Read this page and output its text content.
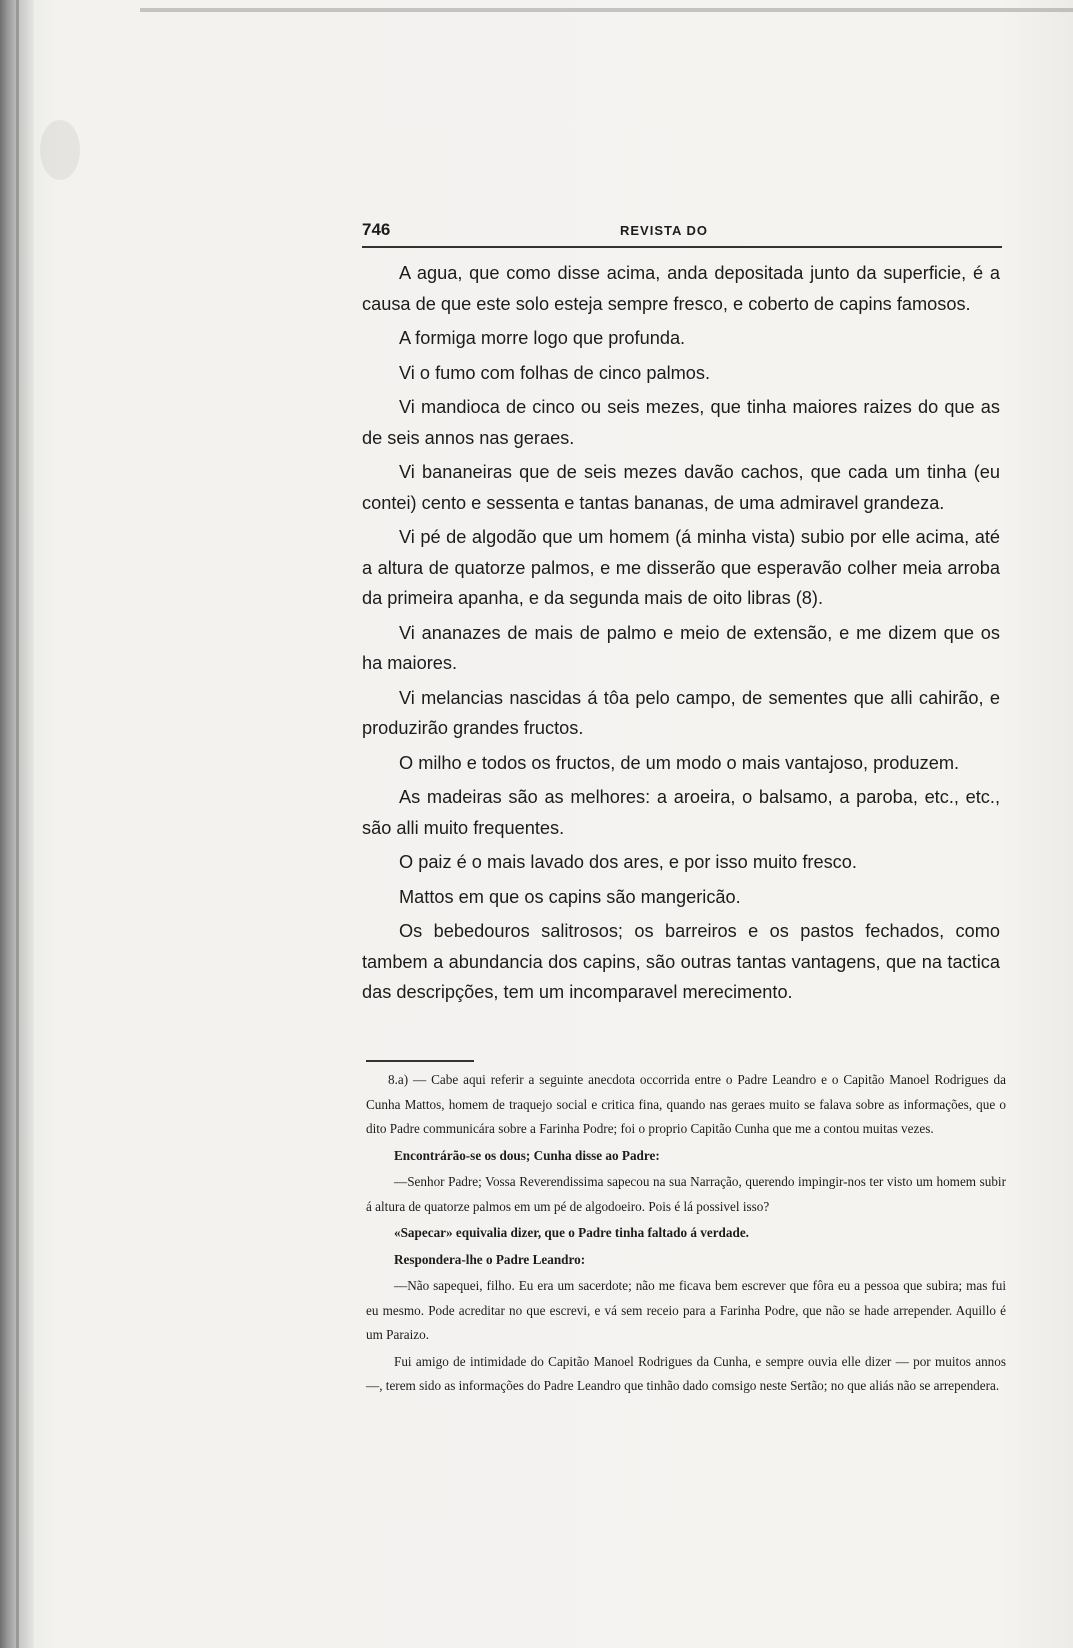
746	REVISTA DO

A agua, que como disse acima, anda depositada junto da superficie, é a causa de que este solo esteja sempre fresco, e coberto de capins famosos.

A formiga morre logo que profunda.

Vi o fumo com folhas de cinco palmos.

Vi mandioca de cinco ou seis mezes, que tinha maiores raizes do que as de seis annos nas geraes.

Vi bananeiras que de seis mezes davão cachos, que cada um tinha (eu contei) cento e sessenta e tantas bananas, de uma admiravel grandeza.

Vi pé de algodão que um homem (á minha vista) subio por elle acima, até a altura de quatorze palmos, e me disserão que esperavão colher meia arroba da primeira apanha, e da segunda mais de oito libras (8).

Vi ananazes de mais de palmo e meio de extensão, e me dizem que os ha maiores.

Vi melancias nascidas á tôa pelo campo, de sementes que alli cahirão, e produzirão grandes fructos.

O milho e todos os fructos, de um modo o mais vantajoso, produzem.

As madeiras são as melhores: a aroeira, o balsamo, a paroba, etc., etc., são alli muito frequentes.

O paiz é o mais lavado dos ares, e por isso muito fresco.

Mattos em que os capins são mangericão.

Os bebedouros salitrosos; os barreiros e os pastos fechados, como tambem a abundancia dos capins, são outras tantas vantagens, que na tactica das descripções, tem um incomparavel merecimento.

8.a) — Cabe aqui referir a seguinte anecdota occorrida entre o Padre Leandro e o Capitão Manoel Rodrigues da Cunha Mattos, homem de traquejo social e critica fina, quando nas geraes muito se falava sobre as informações, que o dito Padre communicára sobre a Farinha Podre; foi o proprio Capitão Cunha que me a contou muitas vezes.

Encontrárão-se os dous; Cunha disse ao Padre:

—Senhor Padre; Vossa Reverendissima sapecou na sua Narração, querendo impingir-nos ter visto um homem subir á altura de quatorze palmos em um pé de algodoeiro. Pois é lá possivel isso?

«Sapecar» equivalia dizer, que o Padre tinha faltado á verdade.

Respondera-lhe o Padre Leandro:

—Não sapequei, filho. Eu era um sacerdote; não me ficava bem escrever que fôra eu a pessoa que subira; mas fui eu mesmo. Pode acreditar no que escrevi, e vá sem receio para a Farinha Podre, que não se hade arrepender. Aquillo é um Paraizo.

Fui amigo de intimidade do Capitão Manoel Rodrigues da Cunha, e sempre ouvia elle dizer — por muitos annos —, terem sido as informações do Padre Leandro que tinhão dado comsigo neste Sertão; no que aliás não se arrependera.
